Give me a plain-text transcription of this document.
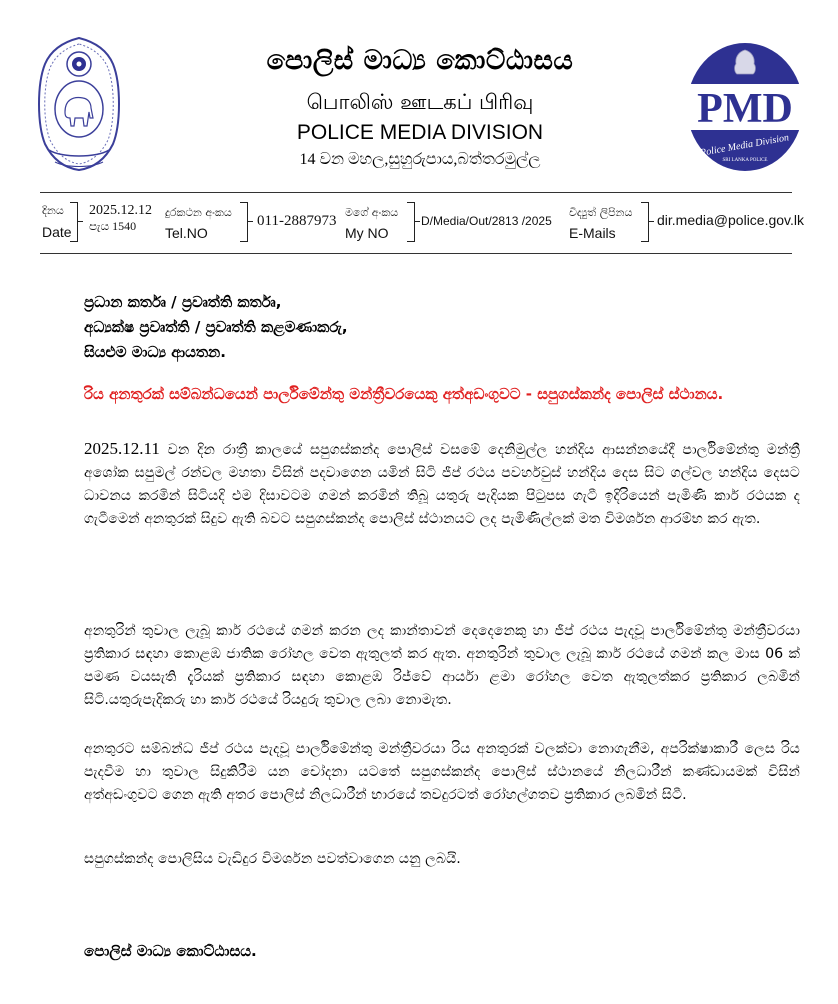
පොලිස් මාධ්‍ය කොට්ඨාසය
பொலிஸ் ஊடகப் பிரிவு
POLICE MEDIA DIVISION
14 වන මහල,සුහුරුපාය,බත්තරමුල්ල
PMD
Police Media Division
SRI LANKA POLICE
දිනය
Date
2025.12.12
පැය 1540
දුරකථන අංකය
Tel.NO
011-2887973
මගේ අංකය
My NO
D/Media/Out/2813 /2025
විද්‍යුත් ලිපිනය
E-Mails
dir.media@police.gov.lk
ප්‍රධාන කර්තෘ / ප්‍රවෘත්ති කර්තෘ,
අධ්‍යක්ෂ ප්‍රවෘත්ති / ප්‍රවෘත්ති කළමණාකරු,
සියළුම මාධ්‍ය ආයතන.
රිය අනතුරක් සම්බන්ධයෙන් පාර්ලිමේන්තු මන්ත්‍රීවරයෙකු අත්අඩංගුවට - සපුගස්කන්ද පොලිස් ස්ථානය.
2025.12.11 වන දින රාත්‍රී කාලයේ සපුගස්කන්ද පොලිස් වසමේ දෙනිමුල්ල හන්දිය ආසන්නයේදී පාර්ලිමේන්තු මන්ත්‍රී අශෝක සපුමල් රන්වල මහතා විසින් පදවාගෙන යමින් සිටි ජීප් රථය පවර්හවුස් හන්දිය දෙස සිට ගල්වල හන්දිය දෙසට ධාවනය කරමින් සිටියදි එම දිසාවටම ගමන් කරමින් තිබූ යතුරු පැදියක පිටුපස ගැටී ඉදිරියෙන් පැමිණි කාර් රථයක ද ගැටීමෙන් අනතුරක් සිදුව ඇති බවට සපුගස්කන්ද පොලිස් ස්ථානයට ලද පැමිණිල්ලක් මත විමර්ශන ආරම්භ කර ඇත.
අනතුරින් තුවාල ලැබූ කාර් රථයේ ගමන් කරන ලද කාන්තාවන් දෙදෙනෙකු හා ජීප් රථය පැදවූ පාර්ලිමේන්තු මන්ත්‍රීවරයා ප්‍රතිකාර සඳහා කොළඹ ජාතික රෝහල වෙත ඇතුලත් කර ඇත. අනතුරින් තුවාල ලැබූ කාර් රථයේ ගමන් කල මාස 06 ක් පමණ වයසැති දැරියක් ප්‍රතිකාර සඳහා කොළඹ රිජ්වේ ආර්යා ළමා රෝහල වෙත ඇතුලත්කර ප්‍රතිකාර ලබමින් සිටි.යතුරුපැදිකරු හා කාර් රථයේ රියදුරු තුවාල ලබා නොමැත.
අනතුරට සම්බන්ධ ජීප් රථය පැදවූ පාර්ලිමේන්තු මන්ත්‍රීවරයා රිය අනතුරක් වලක්වා නොගැනීම, අපරික්ෂාකාරී ලෙස රිය පැදවීම හා තුවාල සිදුකිරීම යන චෝදනා යටතේ සපුගස්කන්ද පොලිස් ස්ථානයේ නිලධාරීන් කණ්ඩායමක් විසින් අත්අඩංගුවට ගෙන ඇති අතර පොලිස් නිලධාරීන් භාරයේ තවදුරටත් රෝහල්ගතව ප්‍රතිකාර ලබමින් සිටී.
සපුගස්කන්ද පොලිසිය වැඩිදුර විමර්ශන පවත්වාගෙන යනු ලබයි.
පොලිස් මාධ්‍ය කොට්ඨාසය.
